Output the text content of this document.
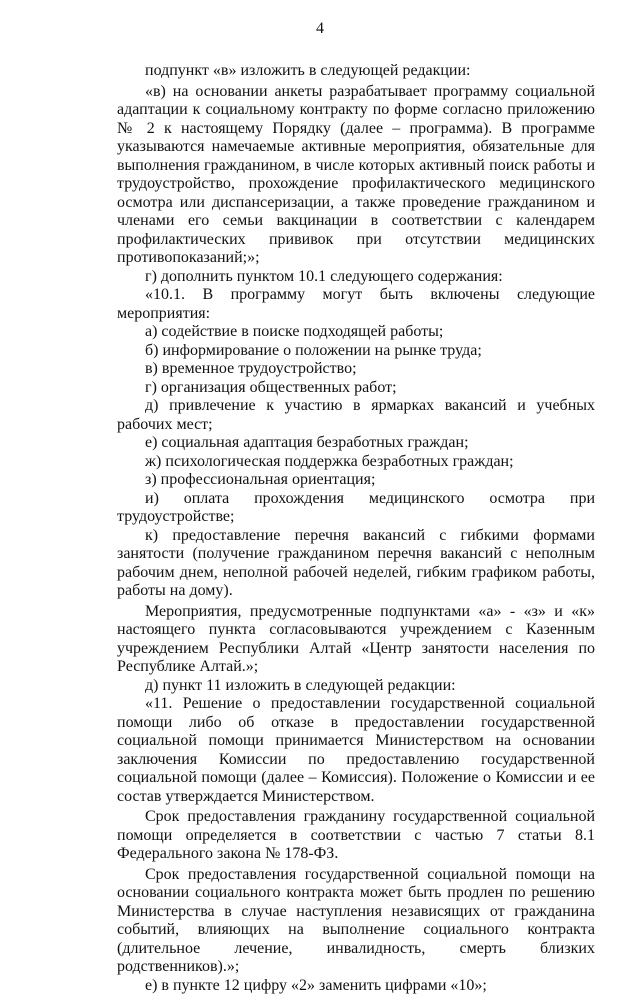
4

подпункт «в» изложить в следующей редакции:

«в) на основании анкеты разрабатывает программу социальной адаптации к социальному контракту по форме согласно приложению № 2 к настоящему Порядку (далее – программа). В программе указываются намечаемые активные мероприятия, обязательные для выполнения гражданином, в числе которых активный поиск работы и трудоустройство, прохождение профилактического медицинского осмотра или диспансеризации, а также проведение гражданином и членами его семьи вакцинации в соответствии с календарем профилактических прививок при отсутствии медицинских противопоказаний;»;

г) дополнить пунктом 10.1 следующего содержания:

«10.1. В программу могут быть включены следующие мероприятия:

а) содействие в поиске подходящей работы;

б) информирование о положении на рынке труда;

в) временное трудоустройство;

г) организация общественных работ;

д) привлечение к участию в ярмарках вакансий и учебных рабочих мест;

е) социальная адаптация безработных граждан;

ж) психологическая поддержка безработных граждан;

з) профессиональная ориентация;

и) оплата прохождения медицинского осмотра при трудоустройстве;

к) предоставление перечня вакансий с гибкими формами занятости (получение гражданином перечня вакансий с неполным рабочим днем, неполной рабочей неделей, гибким графиком работы, работы на дому).

Мероприятия, предусмотренные подпунктами «а» - «з» и «к» настоящего пункта согласовываются учреждением с Казенным учреждением Республики Алтай «Центр занятости населения по Республике Алтай.»;

д) пункт 11 изложить в следующей редакции:

«11. Решение о предоставлении государственной социальной помощи либо об отказе в предоставлении государственной социальной помощи принимается Министерством на основании заключения Комиссии по предоставлению государственной социальной помощи (далее – Комиссия). Положение о Комиссии и ее состав утверждается Министерством.

Срок предоставления гражданину государственной социальной помощи определяется в соответствии с частью 7 статьи 8.1 Федерального закона № 178-ФЗ.

Срок предоставления государственной социальной помощи на основании социального контракта может быть продлен по решению Министерства в случае наступления независящих от гражданина событий, влияющих на выполнение социального контракта (длительное лечение, инвалидность, смерть близких родственников).»;

е) в пункте 12 цифру «2» заменить цифрами «10»;
